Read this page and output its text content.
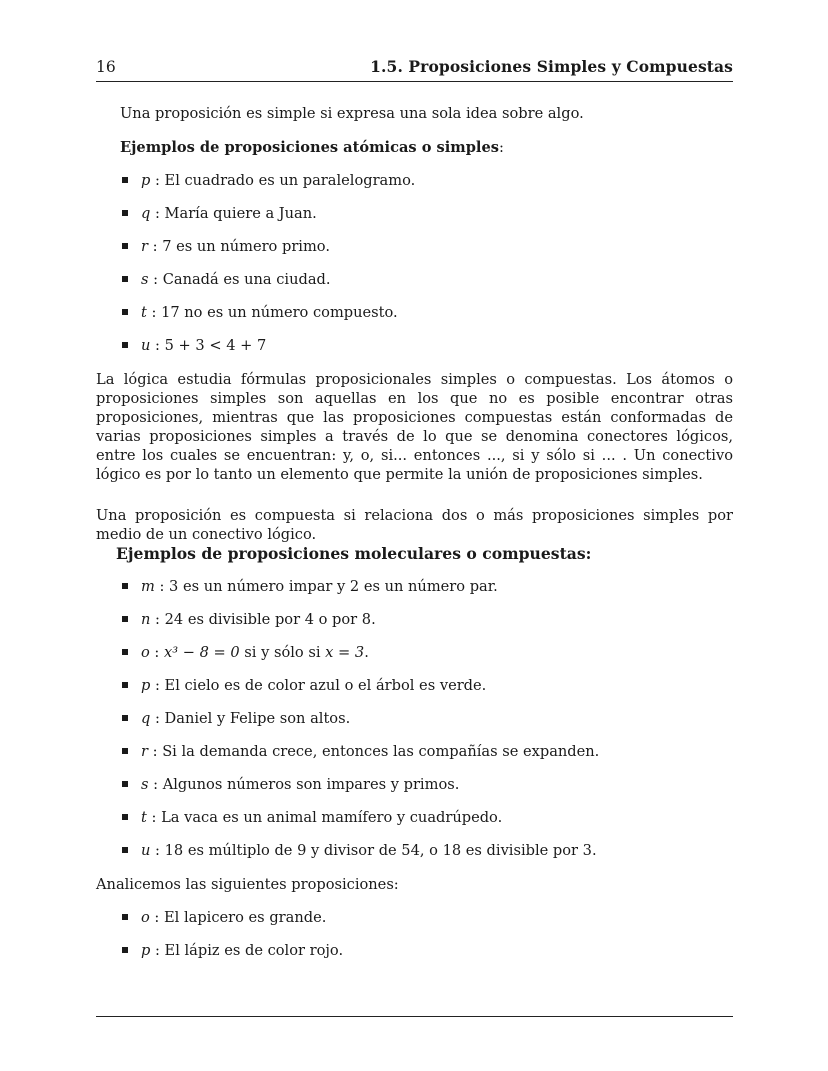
16	1.5. Proposiciones Simples y Compuestas

Una proposición es simple si expresa una sola idea sobre algo.

Ejemplos de proposiciones atómicas o simples:

p : El cuadrado es un paralelogramo.
q : María quiere a Juan.
r : 7 es un número primo.
s : Canadá es una ciudad.
t : 17 no es un número compuesto.
u : 5 + 3 < 4 + 7

La lógica estudia fórmulas proposicionales simples o compuestas. Los átomos o proposiciones simples son aquellas en los que no es posible encontrar otras proposiciones, mientras que las proposiciones compuestas están conformadas de varias proposiciones simples a través de lo que se denomina conectores lógicos, entre los cuales se encuentran: y, o, si... entonces ..., si y sólo si ... . Un conectivo lógico es por lo tanto un elemento que permite la unión de proposiciones simples.

Una proposición es compuesta si relaciona dos o más proposiciones simples por medio de un conectivo lógico.

Ejemplos de proposiciones moleculares o compuestas:

m : 3 es un número impar y 2 es un número par.
n : 24 es divisible por 4 o por 8.
o : x³ − 8 = 0 si y sólo si x = 3.
p : El cielo es de color azul o el árbol es verde.
q : Daniel y Felipe son altos.
r : Si la demanda crece, entonces las compañías se expanden.
s : Algunos números son impares y primos.
t : La vaca es un animal mamífero y cuadrúpedo.
u : 18 es múltiplo de 9 y divisor de 54, o 18 es divisible por 3.

Analicemos las siguientes proposiciones:

o : El lapicero es grande.
p : El lápiz es de color rojo.
